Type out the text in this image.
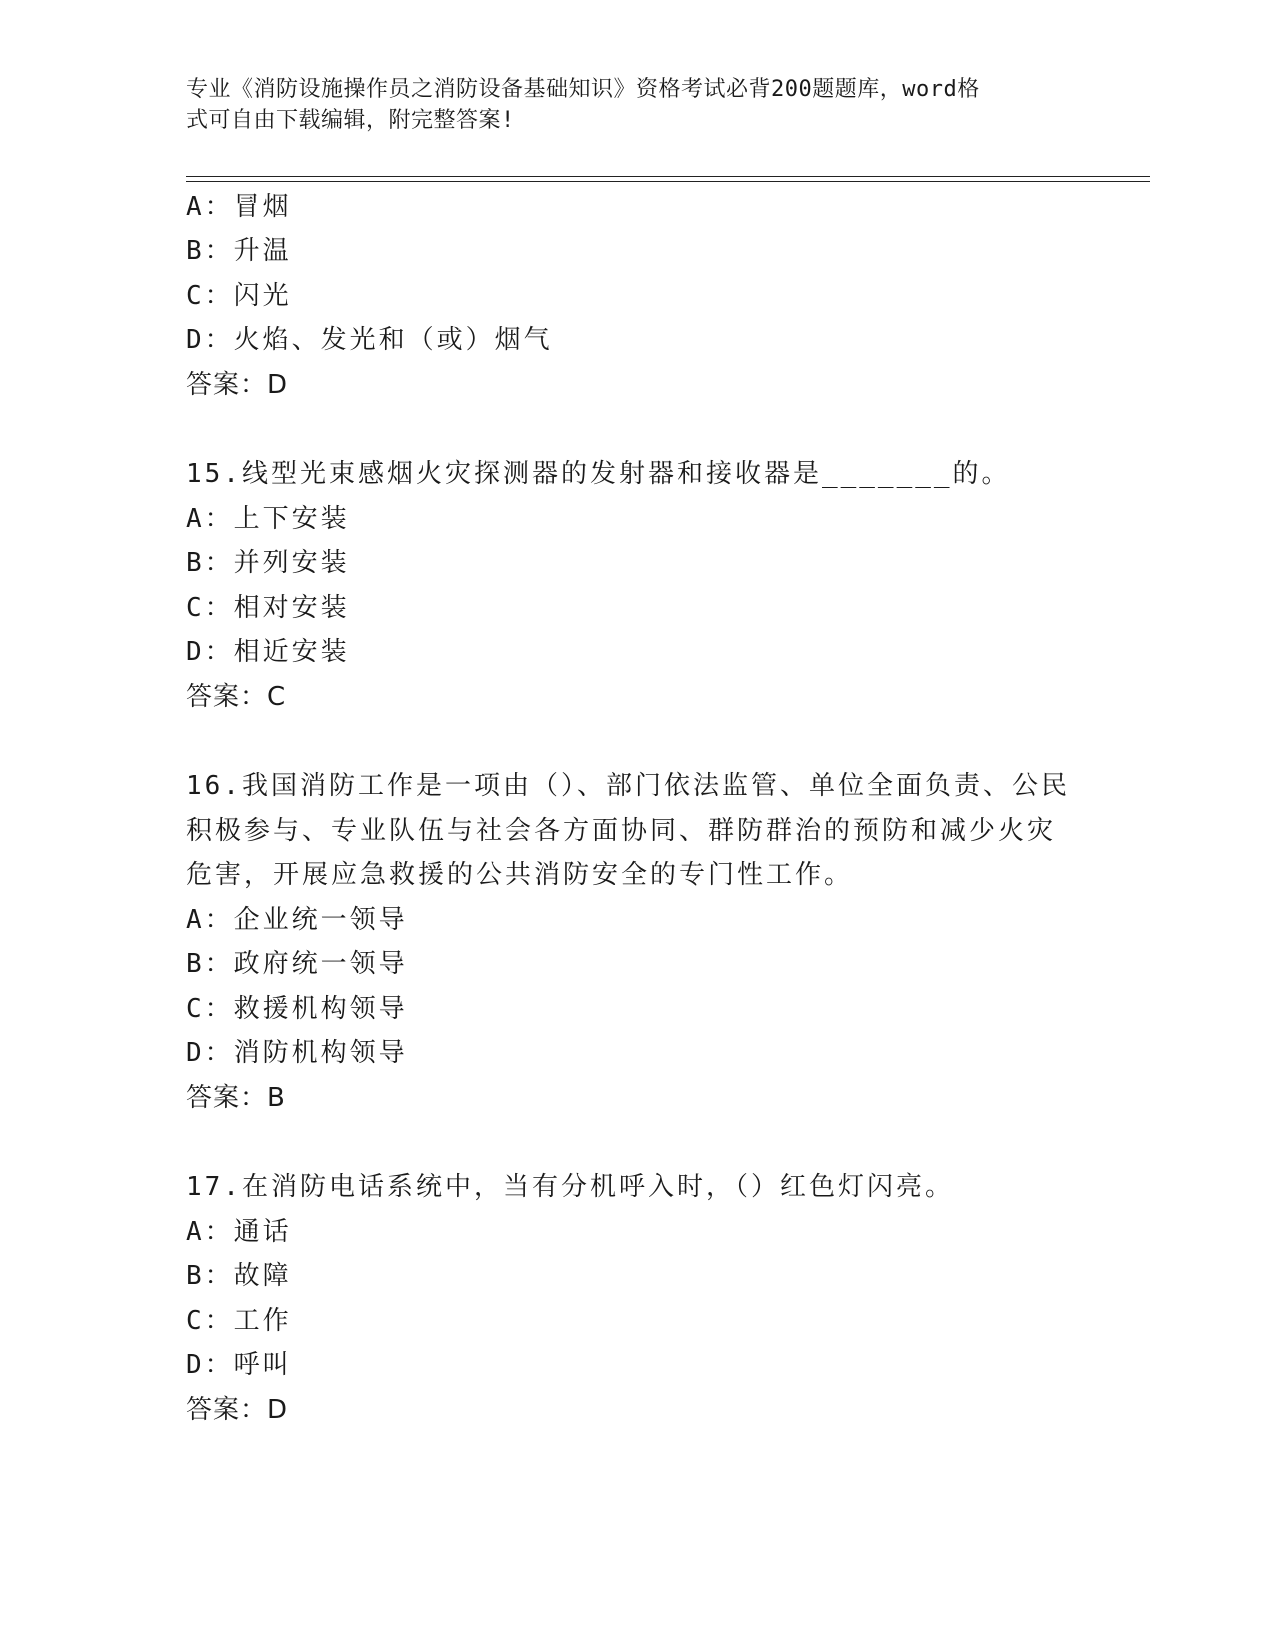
专业《消防设施操作员之消防设备基础知识》资格考试必背200题题库，word格
式可自由下载编辑，附完整答案!
A：冒烟
B：升温
C：闪光
D：火焰、发光和（或）烟气
答案：D
15.线型光束感烟火灾探测器的发射器和接收器是_______的。
A：上下安装
B：并列安装
C：相对安装
D：相近安装
答案：C
16.我国消防工作是一项由（）、部门依法监管、单位全面负责、公民
积极参与、专业队伍与社会各方面协同、群防群治的预防和减少火灾
危害，开展应急救援的公共消防安全的专门性工作。
A：企业统一领导
B：政府统一领导
C：救援机构领导
D：消防机构领导
答案：B
17.在消防电话系统中，当有分机呼入时，（）红色灯闪亮。
A：通话
B：故障
C：工作
D：呼叫
答案：D
